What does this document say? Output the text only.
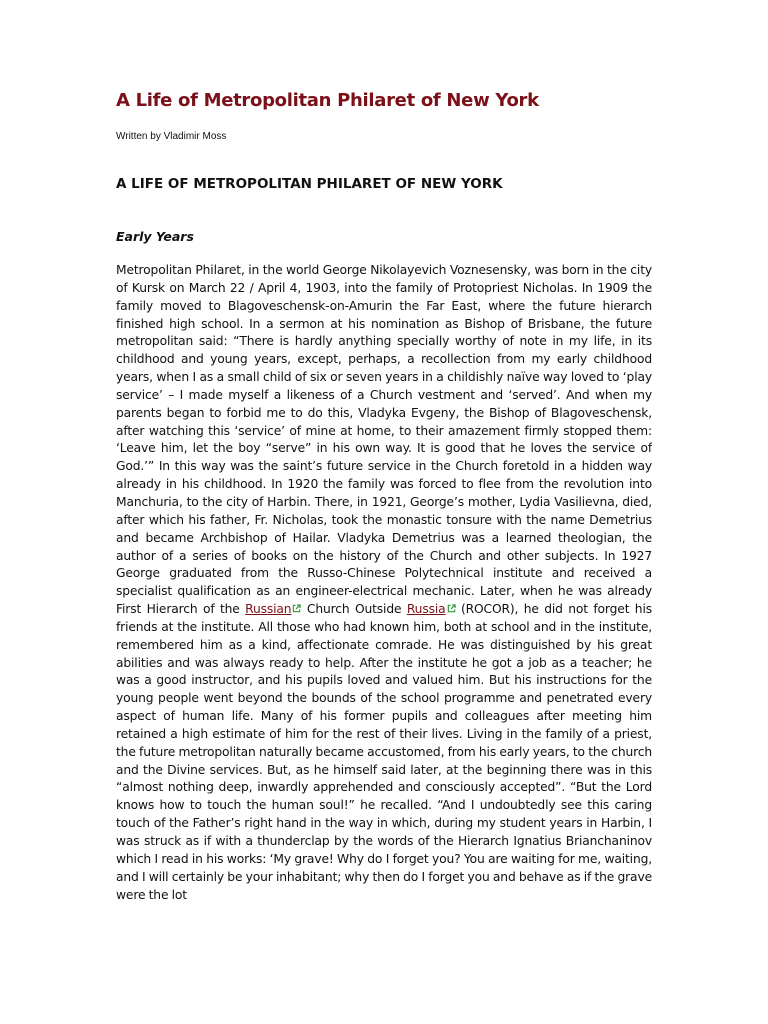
A Life of Metropolitan Philaret of New York

Written by Vladimir Moss

A LIFE OF METROPOLITAN PHILARET OF NEW YORK
Early Years

Metropolitan Philaret, in the world George Nikolayevich Voznesensky, was born in the city of Kursk on March 22 / April 4, 1903, into the family of Protopriest Nicholas. In 1909 the family moved to Blagoveschensk-on-Amurin the Far East, where the future hierarch finished high school. In a sermon at his nomination as Bishop of Brisbane, the future metropolitan said: “There is hardly anything specially worthy of note in my life, in its childhood and young years, except, perhaps, a recollection from my early childhood years, when I as a small child of six or seven years in a childishly naïve way loved to ‘play service’ – I made myself a likeness of a Church vestment and ‘served’. And when my parents began to forbid me to do this, Vladyka Evgeny, the Bishop of Blagoveschensk, after watching this ‘service’ of mine at home, to their amazement firmly stopped them: ‘Leave him, let the boy “serve” in his own way. It is good that he loves the service of God.’” In this way was the saint’s future service in the Church foretold in a hidden way already in his childhood. In 1920 the family was forced to flee from the revolution into Manchuria, to the city of Harbin. There, in 1921, George’s mother, Lydia Vasilievna, died, after which his father, Fr. Nicholas, took the monastic tonsure with the name Demetrius and became Archbishop of Hailar. Vladyka Demetrius was a learned theologian, the author of a series of books on the history of the Church and other subjects. In 1927 George graduated from the Russo-Chinese Polytechnical institute and received a specialist qualification as an engineer-electrical mechanic. Later, when he was already First Hierarch of the Russian Church Outside Russia (ROCOR), he did not forget his friends at the institute. All those who had known him, both at school and in the institute, remembered him as a kind, affectionate comrade. He was distinguished by his great abilities and was always ready to help. After the institute he got a job as a teacher; he was a good instructor, and his pupils loved and valued him. But his instructions for the young people went beyond the bounds of the school programme and penetrated every aspect of human life. Many of his former pupils and colleagues after meeting him retained a high estimate of him for the rest of their lives. Living in the family of a priest, the future metropolitan naturally became accustomed, from his early years, to the church and the Divine services. But, as he himself said later, at the beginning there was in this “almost nothing deep, inwardly apprehended and consciously accepted”. “But the Lord knows how to touch the human soul!” he recalled. “And I undoubtedly see this caring touch of the Father’s right hand in the way in which, during my student years in Harbin, I was struck as if with a thunderclap by the words of the Hierarch Ignatius Brianchaninov which I read in his works: ‘My grave! Why do I forget you? You are waiting for me, waiting, and I will certainly be your inhabitant; why then do I forget you and behave as if the grave were the lot
